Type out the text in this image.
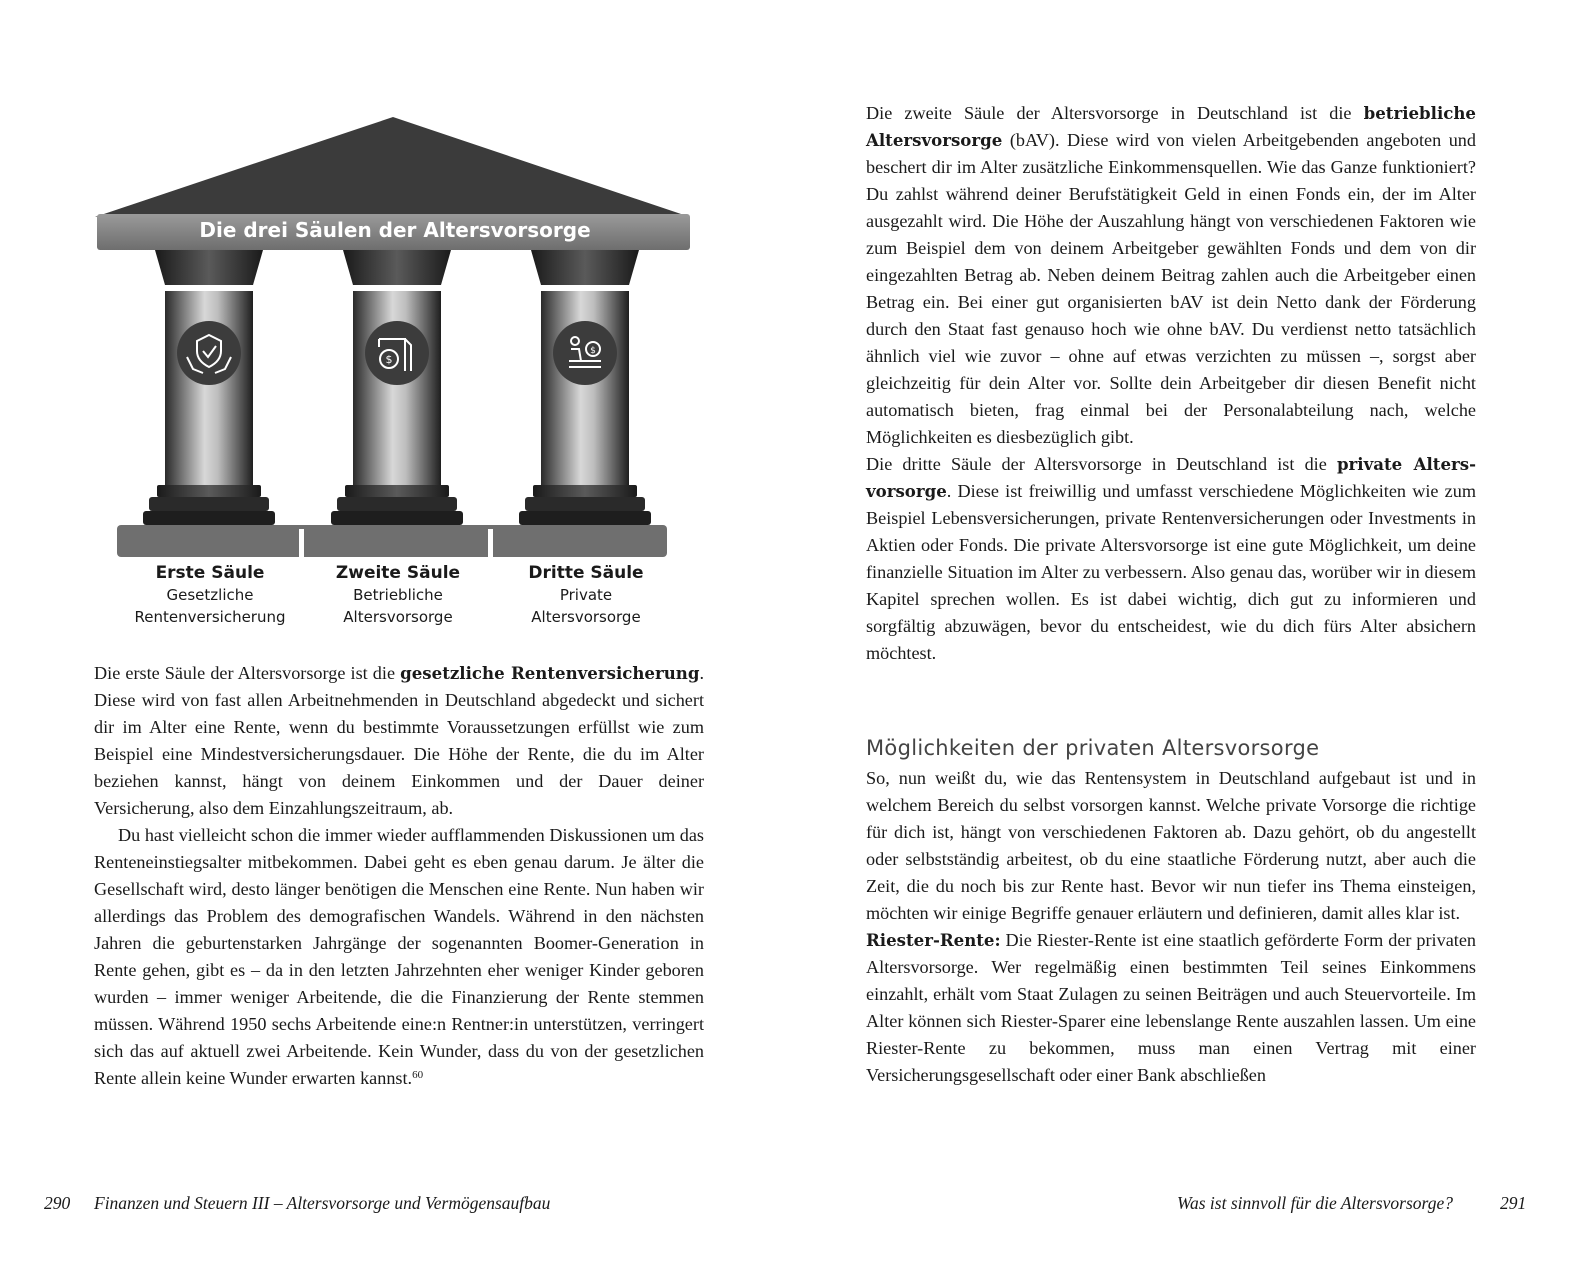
$
$
Die drei Säulen der Altersvorsorge
Erste Säule
Gesetzliche
Rentenversicherung
Zweite Säule
Betriebliche
Altersvorsorge
Dritte Säule
Private
Altersvorsorge

Die erste Säule der Altersvorsorge ist die gesetzliche Rentenversicherung. Diese wird von fast allen Arbeitnehmenden in Deutschland abgedeckt und sichert dir im Alter eine Rente, wenn du bestimmte Voraussetzungen erfüllst wie zum Beispiel eine Mindestversicherungsdauer. Die Höhe der Rente, die du im Alter beziehen kannst, hängt von deinem Einkommen und der Dauer deiner Versicherung, also dem Einzahlungszeitraum, ab.

Du hast vielleicht schon die immer wieder aufflammenden Diskussionen um das Renteneinstiegsalter mitbekommen. Dabei geht es eben genau darum. Je älter die Gesellschaft wird, desto länger benötigen die Menschen eine Rente. Nun haben wir allerdings das Problem des demografischen Wandels. Während in den nächsten Jahren die geburtenstarken Jahrgänge der sogenannten Boomer-Generation in Rente gehen, gibt es – da in den letzten Jahrzehnten eher weniger Kinder geboren wurden – immer weniger Arbeitende, die die Finanzierung der Rente stemmen müssen. Während 1950 sechs Arbeitende eine:n Rentner:in unterstützen, verringert sich das auf aktuell zwei Arbeitende. Kein Wunder, dass du von der gesetzlichen Rente allein keine Wunder erwarten kannst.$^{60}$

290 Finanzen und Steuern III – Altersvorsorge und Vermögensaufbau

Die zweite Säule der Altersvorsorge in Deutschland ist die betriebliche Altersvorsorge (bAV). Diese wird von vielen Arbeitgebenden angeboten und beschert dir im Alter zusätzliche Einkommensquellen. Wie das Ganze funktioniert? Du zahlst während deiner Berufstätigkeit Geld in einen Fonds ein, der im Alter ausgezahlt wird. Die Höhe der Auszahlung hängt von verschiedenen Faktoren wie zum Beispiel dem von deinem Arbeitgeber gewählten Fonds und dem von dir eingezahlten Betrag ab. Neben deinem Beitrag zahlen auch die Arbeitgeber einen Betrag ein. Bei einer gut organisierten bAV ist dein Netto dank der Förderung durch den Staat fast genauso hoch wie ohne bAV. Du verdienst netto tatsächlich ähnlich viel wie zuvor – ohne auf etwas verzichten zu müssen –, sorgst aber gleichzeitig für dein Alter vor. Sollte dein Arbeitgeber dir diesen Benefit nicht automatisch bieten, frag einmal bei der Personalabteilung nach, welche Möglichkeiten es diesbezüglich gibt.

Die dritte Säule der Altersvorsorge in Deutschland ist die private Altersvorsorge. Diese ist freiwillig und umfasst verschiedene Möglichkeiten wie zum Beispiel Lebensversicherungen, private Rentenversicherungen oder Investments in Aktien oder Fonds. Die private Altersvorsorge ist eine gute Möglichkeit, um deine finanzielle Situation im Alter zu verbessern. Also genau das, worüber wir in diesem Kapitel sprechen wollen. Es ist dabei wichtig, dich gut zu informieren und sorgfältig abzuwägen, bevor du entscheidest, wie du dich fürs Alter absichern möchtest.

Möglichkeiten der privaten Altersvorsorge

So, nun weißt du, wie das Rentensystem in Deutschland aufgebaut ist und in welchem Bereich du selbst vorsorgen kannst. Welche private Vorsorge die richtige für dich ist, hängt von verschiedenen Faktoren ab. Dazu gehört, ob du angestellt oder selbstständig arbeitest, ob du eine staatliche Förderung nutzt, aber auch die Zeit, die du noch bis zur Rente hast. Bevor wir nun tiefer ins Thema einsteigen, möchten wir einige Begriffe genauer erläutern und definieren, damit alles klar ist.

Riester-Rente: Die Riester-Rente ist eine staatlich geförderte Form der privaten Altersvorsorge. Wer regelmäßig einen bestimmten Teil seines Einkommens einzahlt, erhält vom Staat Zulagen zu seinen Beiträgen und auch Steuervorteile. Im Alter können sich Riester-Sparer eine lebenslange Rente auszahlen lassen. Um eine Riester-Rente zu bekommen, muss man einen Vertrag mit einer Versicherungsgesellschaft oder einer Bank abschließen

Was ist sinnvoll für die Altersvorsorge?	291
